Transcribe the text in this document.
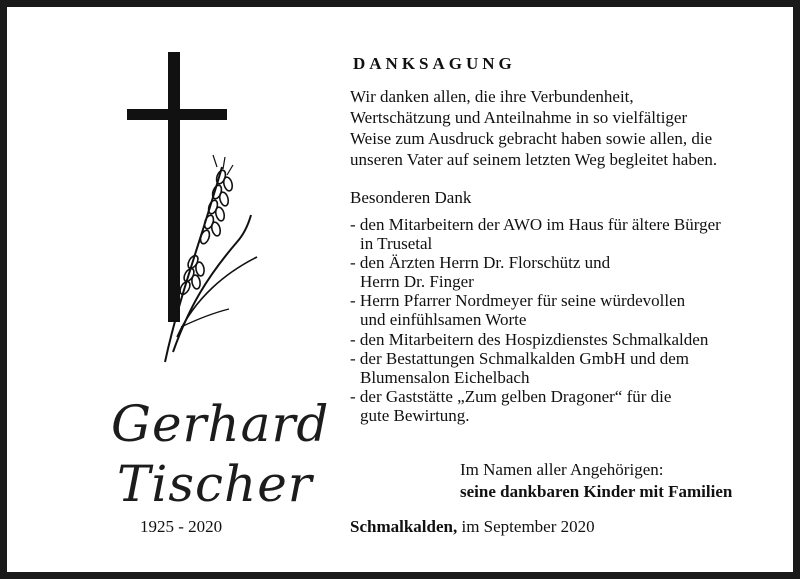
Gerhard
Tischer
1925 - 2020
DANKSAGUNG
Wir danken allen, die ihre Verbundenheit,
Wertschätzung und Anteilnahme in so vielfältiger
Weise zum Ausdruck gebracht haben sowie allen, die
unseren Vater auf seinem letzten Weg begleitet haben.
Besonderen Dank
- den Mitarbeitern der AWO im Haus für ältere Bürger
in Trusetal
- den Ärzten Herrn Dr. Florschütz und
Herrn Dr. Finger
- Herrn Pfarrer Nordmeyer für seine würdevollen
und einfühlsamen Worte
- den Mitarbeitern des Hospizdienstes Schmalkalden
- der Bestattungen Schmalkalden GmbH und dem
Blumensalon Eichelbach
- der Gaststätte „Zum gelben Dragoner“ für die
gute Bewirtung.
Im Namen aller Angehörigen:
seine dankbaren Kinder mit Familien
Schmalkalden, im September 2020
